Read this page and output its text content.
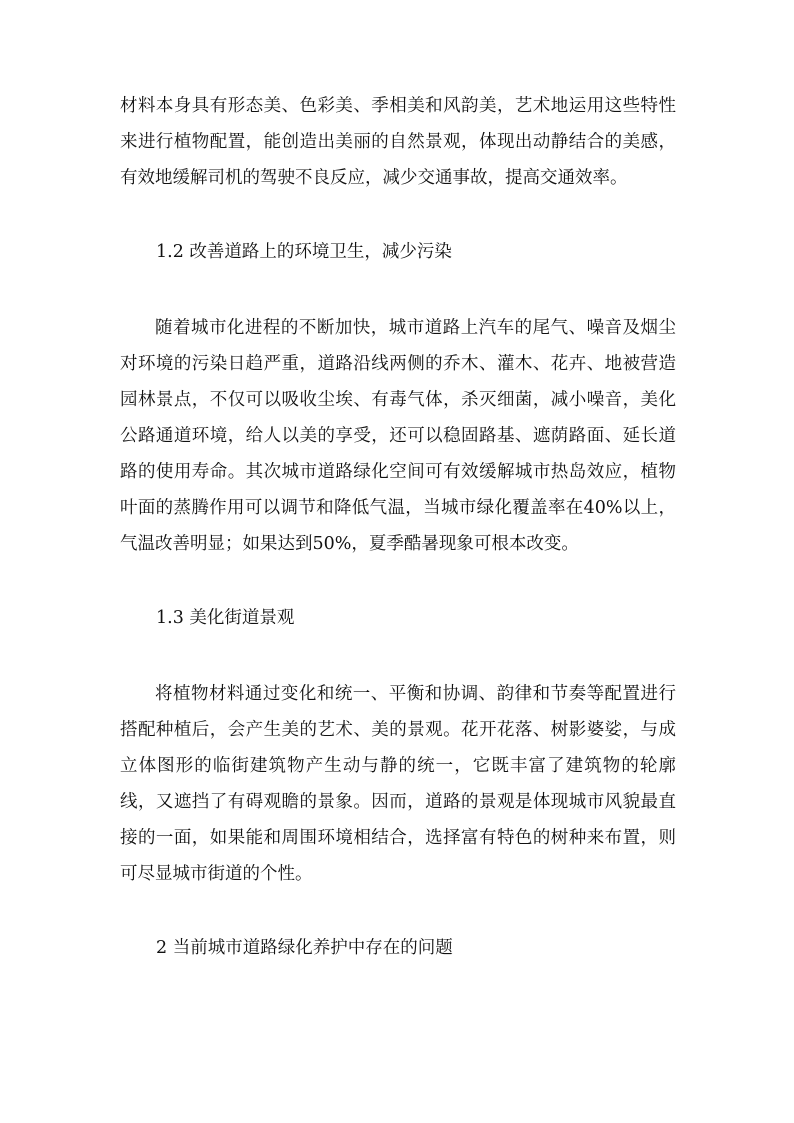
材料本身具有形态美、色彩美、季相美和风韵美，艺术地运用这些特性来进行植物配置，能创造出美丽的自然景观，体现出动静结合的美感，有效地缓解司机的驾驶不良反应，减少交通事故，提高交通效率。

1.2 改善道路上的环境卫生，减少污染

随着城市化进程的不断加快，城市道路上汽车的尾气、噪音及烟尘对环境的污染日趋严重，道路沿线两侧的乔木、灌木、花卉、地被营造园林景点，不仅可以吸收尘埃、有毒气体，杀灭细菌，减小噪音，美化公路通道环境，给人以美的享受，还可以稳固路基、遮荫路面、延长道路的使用寿命。其次城市道路绿化空间可有效缓解城市热岛效应，植物叶面的蒸腾作用可以调节和降低气温，当城市绿化覆盖率在40%以上，气温改善明显；如果达到50%，夏季酷暑现象可根本改变。

1.3 美化街道景观

将植物材料通过变化和统一、平衡和协调、韵律和节奏等配置进行搭配种植后，会产生美的艺术、美的景观。花开花落、树影婆娑，与成立体图形的临街建筑物产生动与静的统一，它既丰富了建筑物的轮廓线，又遮挡了有碍观瞻的景象。因而，道路的景观是体现城市风貌最直接的一面，如果能和周围环境相结合，选择富有特色的树种来布置，则可尽显城市街道的个性。

2 当前城市道路绿化养护中存在的问题
